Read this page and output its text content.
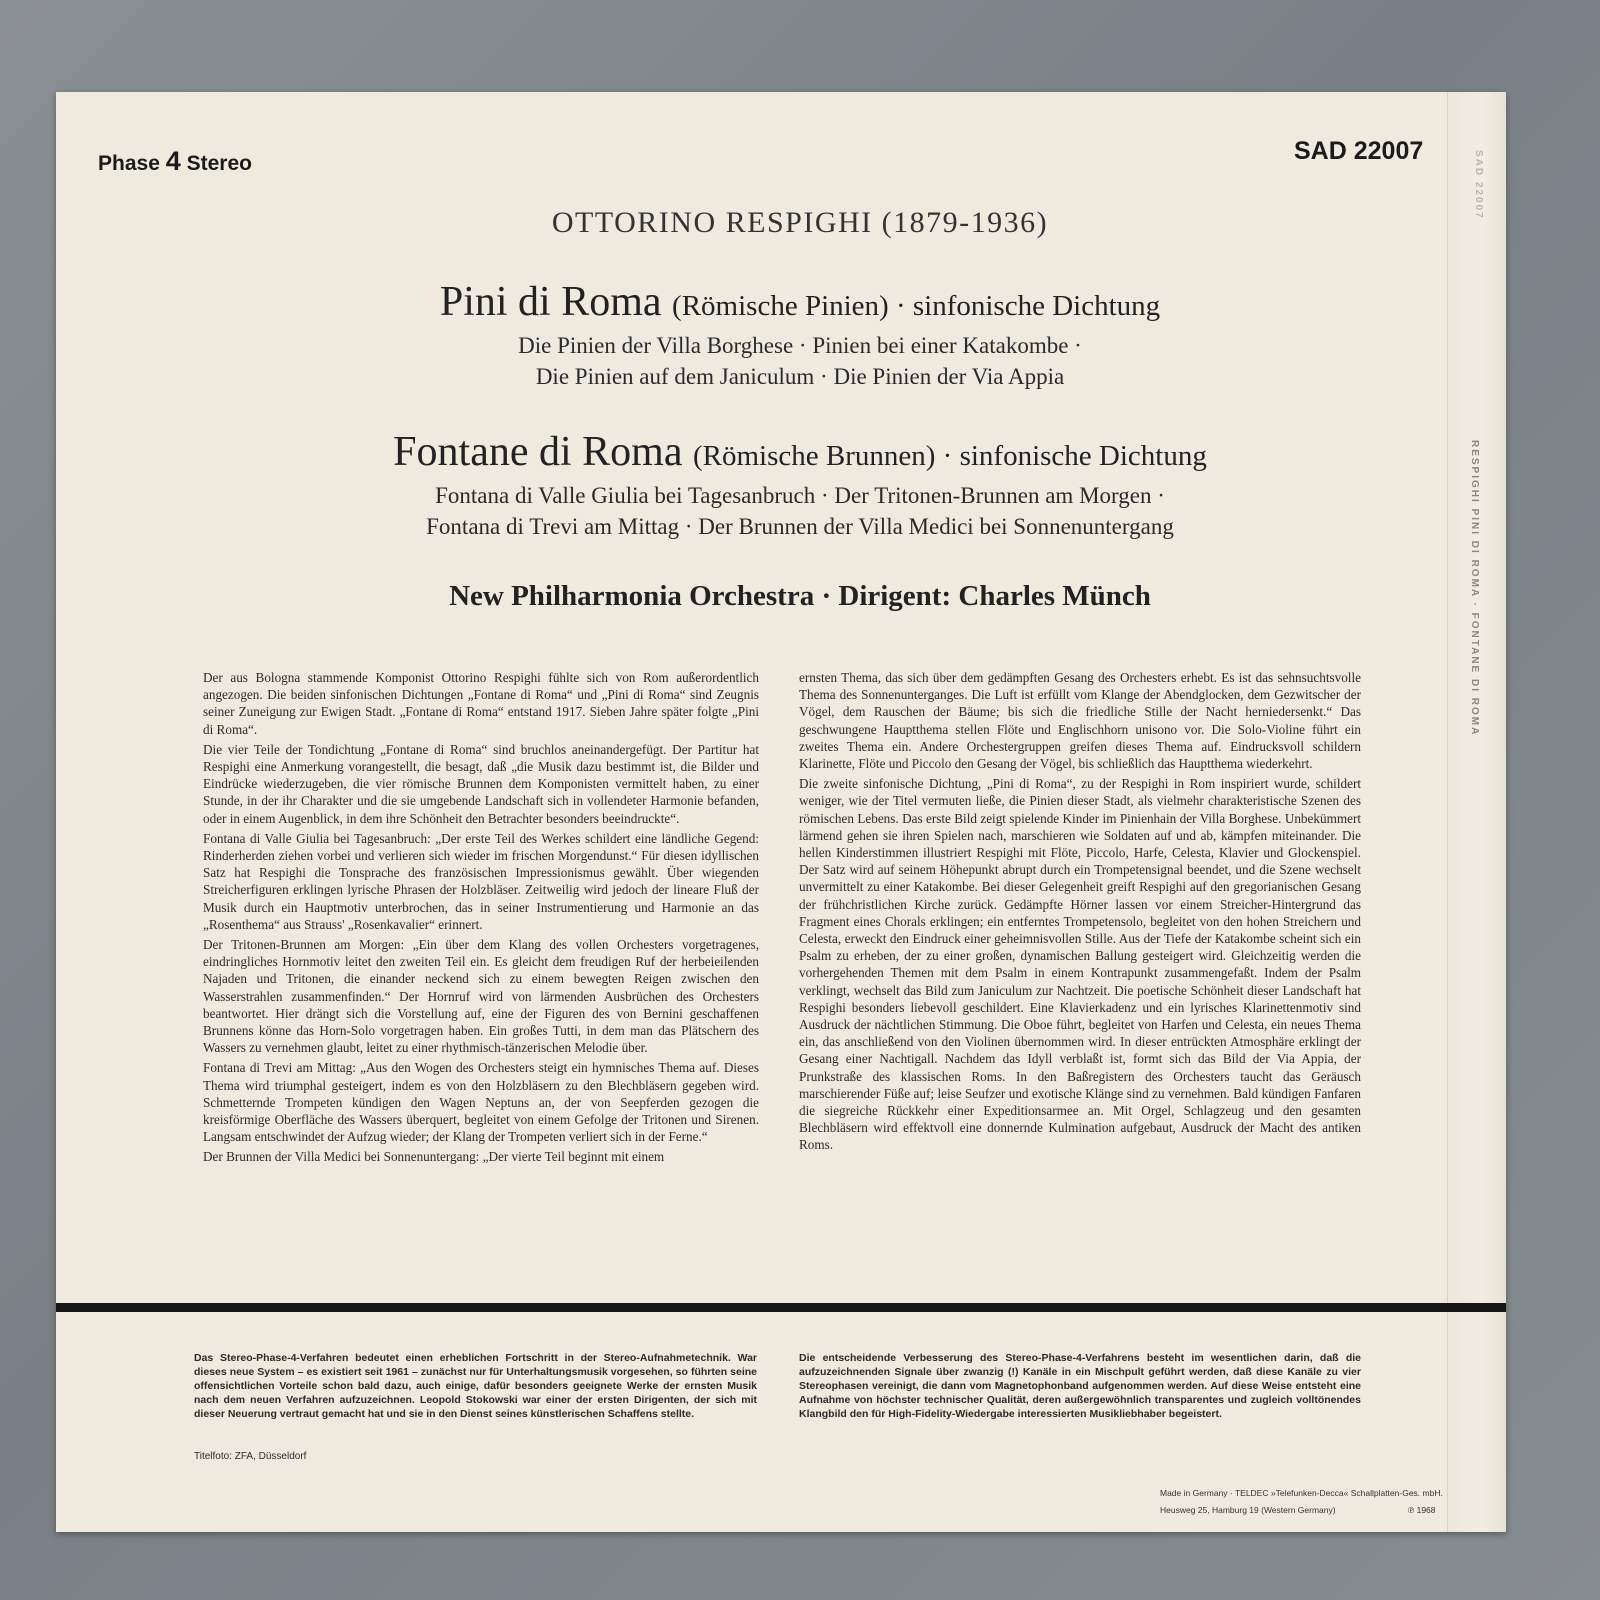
SAD 22007
RESPIGHI PINI DI ROMA · FONTANE DI ROMA
Phase 4 Stereo	SAD 22007
OTTORINO RESPIGHI (1879-1936)
Pini di Roma (Römische Pinien) · sinfonische Dichtung
Die Pinien der Villa Borghese · Pinien bei einer Katakombe ·
Die Pinien auf dem Janiculum · Die Pinien der Via Appia
Fontane di Roma (Römische Brunnen) · sinfonische Dichtung
Fontana di Valle Giulia bei Tagesanbruch · Der Tritonen-Brunnen am Morgen ·
Fontana di Trevi am Mittag · Der Brunnen der Villa Medici bei Sonnenuntergang
New Philharmonia Orchestra · Dirigent: Charles Münch

Der aus Bologna stammende Komponist Ottorino Respighi fühlte sich von Rom außerordentlich angezogen. Die beiden sinfonischen Dichtungen „Fontane di Roma“ und „Pini di Roma“ sind Zeugnis seiner Zuneigung zur Ewigen Stadt. „Fontane di Roma“ entstand 1917. Sieben Jahre später folgte „Pini di Roma“.

Die vier Teile der Tondichtung „Fontane di Roma“ sind bruchlos aneinandergefügt. Der Partitur hat Respighi eine Anmerkung vorangestellt, die besagt, daß „die Musik dazu bestimmt ist, die Bilder und Eindrücke wiederzugeben, die vier römische Brunnen dem Komponisten vermittelt haben, zu einer Stunde, in der ihr Charakter und die sie umgebende Landschaft sich in vollendeter Harmonie befanden, oder in einem Augenblick, in dem ihre Schönheit den Betrachter besonders beeindruckte“.

Fontana di Valle Giulia bei Tagesanbruch: „Der erste Teil des Werkes schildert eine ländliche Gegend: Rinderherden ziehen vorbei und verlieren sich wieder im frischen Morgendunst.“ Für diesen idyllischen Satz hat Respighi die Tonsprache des französischen Impressionismus gewählt. Über wiegenden Streicherfiguren erklingen lyrische Phrasen der Holzbläser. Zeitweilig wird jedoch der lineare Fluß der Musik durch ein Hauptmotiv unterbrochen, das in seiner Instrumentierung und Harmonie an das „Rosenthema“ aus Strauss' „Rosenkavalier“ erinnert.

Der Tritonen-Brunnen am Morgen: „Ein über dem Klang des vollen Orchesters vorgetragenes, eindringliches Hornmotiv leitet den zweiten Teil ein. Es gleicht dem freudigen Ruf der herbeieilenden Najaden und Tritonen, die einander neckend sich zu einem bewegten Reigen zwischen den Wasserstrahlen zusammenfinden.“ Der Hornruf wird von lärmenden Ausbrüchen des Orchesters beantwortet. Hier drängt sich die Vorstellung auf, eine der Figuren des von Bernini geschaffenen Brunnens könne das Horn-Solo vorgetragen haben. Ein großes Tutti, in dem man das Plätschern des Wassers zu vernehmen glaubt, leitet zu einer rhythmisch-tänzerischen Melodie über.

Fontana di Trevi am Mittag: „Aus den Wogen des Orchesters steigt ein hymnisches Thema auf. Dieses Thema wird triumphal gesteigert, indem es von den Holzbläsern zu den Blechbläsern gegeben wird. Schmetternde Trompeten kündigen den Wagen Neptuns an, der von Seepferden gezogen die kreisförmige Oberfläche des Wassers überquert, begleitet von einem Gefolge der Tritonen und Sirenen. Langsam entschwindet der Aufzug wieder; der Klang der Trompeten verliert sich in der Ferne.“

Der Brunnen der Villa Medici bei Sonnenuntergang: „Der vierte Teil beginnt mit einem

ernsten Thema, das sich über dem gedämpften Gesang des Orchesters erhebt. Es ist das sehnsuchtsvolle Thema des Sonnenunterganges. Die Luft ist erfüllt vom Klange der Abendglocken, dem Gezwitscher der Vögel, dem Rauschen der Bäume; bis sich die friedliche Stille der Nacht herniedersenkt.“ Das geschwungene Hauptthema stellen Flöte und Englischhorn unisono vor. Die Solo-Violine führt ein zweites Thema ein. Andere Orchestergruppen greifen dieses Thema auf. Eindrucksvoll schildern Klarinette, Flöte und Piccolo den Gesang der Vögel, bis schließlich das Hauptthema wiederkehrt.

Die zweite sinfonische Dichtung, „Pini di Roma“, zu der Respighi in Rom inspiriert wurde, schildert weniger, wie der Titel vermuten ließe, die Pinien dieser Stadt, als vielmehr charakteristische Szenen des römischen Lebens. Das erste Bild zeigt spielende Kinder im Pinienhain der Villa Borghese. Unbekümmert lärmend gehen sie ihren Spielen nach, marschieren wie Soldaten auf und ab, kämpfen miteinander. Die hellen Kinderstimmen illustriert Respighi mit Flöte, Piccolo, Harfe, Celesta, Klavier und Glockenspiel. Der Satz wird auf seinem Höhepunkt abrupt durch ein Trompetensignal beendet, und die Szene wechselt unvermittelt zu einer Katakombe. Bei dieser Gelegenheit greift Respighi auf den gregorianischen Gesang der frühchristlichen Kirche zurück. Gedämpfte Hörner lassen vor einem Streicher-Hintergrund das Fragment eines Chorals erklingen; ein entferntes Trompetensolo, begleitet von den hohen Streichern und Celesta, erweckt den Eindruck einer geheimnisvollen Stille. Aus der Tiefe der Katakombe scheint sich ein Psalm zu erheben, der zu einer großen, dynamischen Ballung gesteigert wird. Gleichzeitig werden die vorhergehenden Themen mit dem Psalm in einem Kontrapunkt zusammengefaßt. Indem der Psalm verklingt, wechselt das Bild zum Janiculum zur Nachtzeit. Die poetische Schönheit dieser Landschaft hat Respighi besonders liebevoll geschildert. Eine Klavierkadenz und ein lyrisches Klarinettenmotiv sind Ausdruck der nächtlichen Stimmung. Die Oboe führt, begleitet von Harfen und Celesta, ein neues Thema ein, das anschließend von den Violinen übernommen wird. In dieser entrückten Atmosphäre erklingt der Gesang einer Nachtigall. Nachdem das Idyll verblaßt ist, formt sich das Bild der Via Appia, der Prunkstraße des klassischen Roms. In den Baßregistern des Orchesters taucht das Geräusch marschierender Füße auf; leise Seufzer und exotische Klänge sind zu vernehmen. Bald kündigen Fanfaren die siegreiche Rückkehr einer Expeditionsarmee an. Mit Orgel, Schlagzeug und den gesamten Blechbläsern wird effektvoll eine donnernde Kulmination aufgebaut, Ausdruck der Macht des antiken Roms.

Das Stereo-Phase-4-Verfahren bedeutet einen erheblichen Fortschritt in der Stereo-Aufnahmetechnik. War dieses neue System – es existiert seit 1961 – zunächst nur für Unterhaltungsmusik vorgesehen, so führten seine offensichtlichen Vorteile schon bald dazu, auch einige, dafür besonders geeignete Werke der ernsten Musik nach dem neuen Verfahren aufzuzeichnen. Leopold Stokowski war einer der ersten Dirigenten, der sich mit dieser Neuerung vertraut gemacht hat und sie in den Dienst seines künstlerischen Schaffens stellte.
Die entscheidende Verbesserung des Stereo-Phase-4-Verfahrens besteht im wesentlichen darin, daß die aufzuzeichnenden Signale über zwanzig (!) Kanäle in ein Mischpult geführt werden, daß diese Kanäle zu vier Stereophasen vereinigt, die dann vom Magnetophonband aufgenommen werden. Auf diese Weise entsteht eine Aufnahme von höchster technischer Qualität, deren außergewöhnlich transparentes und zugleich volltönendes Klangbild den für High-Fidelity-Wiedergabe interessierten Musikliebhaber begeistert.
Titelfoto: ZFA, Düsseldorf
Made in Germany · TELDEC »Telefunken-Decca« Schallplatten-Ges. mbH.
Heusweg 25, Hamburg 19 (Western Germany)	℗ 1968
